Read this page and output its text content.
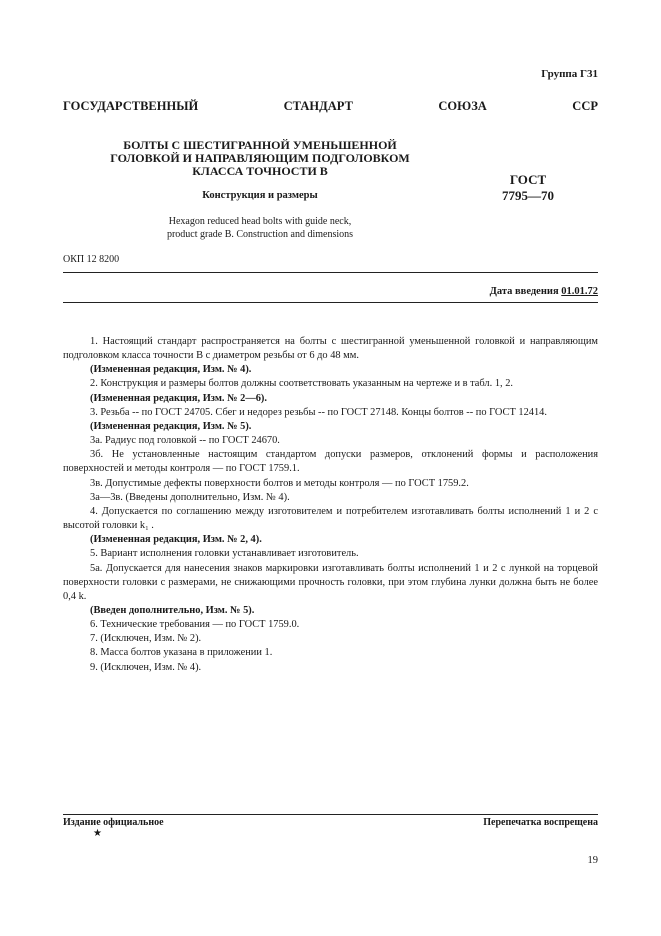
Группа Г31
ГОСУДАРСТВЕННЫЙ	СТАНДАРТ	СОЮЗА	ССР
БОЛТЫ С ШЕСТИГРАННОЙ УМЕНЬШЕННОЙ
ГОЛОВКОЙ И НАПРАВЛЯЮЩИМ ПОДГОЛОВКОМ
КЛАССА ТОЧНОСТИ В
Конструкция и размеры
Hexagon reduced head bolts with guide neck,
product grade B. Construction and dimensions
ГОСТ
7795—70
ОКП 12 8200
Дата введения 01.01.72

1. Настоящий стандарт распространяется на болты с шестигранной уменьшенной головкой и направляющим подголовком класса точности В с диаметром резьбы от 6 до 48 мм.

(Измененная редакция, Изм. № 4).

2. Конструкция и размеры болтов должны соответствовать указанным на чертеже и в табл. 1, 2.

(Измененная редакция, Изм. № 2—6).

3. Резьба -- по ГОСТ 24705. Сбег и недорез резьбы -- по ГОСТ 27148. Концы болтов -- по ГОСТ 12414.

(Измененная редакция, Изм. № 5).

3а. Радиус под головкой -- по ГОСТ 24670.

3б. Не установленные настоящим стандартом допуски размеров, отклонений формы и расположения поверхностей и методы контроля — по ГОСТ 1759.1.

3в. Допустимые дефекты поверхности болтов и методы контроля — по ГОСТ 1759.2.

3а—3в. (Введены дополнительно, Изм. № 4).

4. Допускается по соглашению между изготовителем и потребителем изготавливать болты исполнений 1 и 2 с высотой головки k₁ .

(Измененная редакция, Изм. № 2, 4).

5. Вариант исполнения головки устанавливает изготовитель.

5а. Допускается для нанесения знаков маркировки изготавливать болты исполнений 1 и 2 с лункой на торцевой поверхности головки с размерами, не снижающими прочность головки, при этом глубина лунки должна быть не более 0,4 k.

(Введен дополнительно, Изм. № 5).

6. Технические требования — по ГОСТ 1759.0.

7. (Исключен, Изм. № 2).

8. Масса болтов указана в приложении 1.

9. (Исключен, Изм. № 4).

Издание официальное
★
Перепечатка воспрещена
19
